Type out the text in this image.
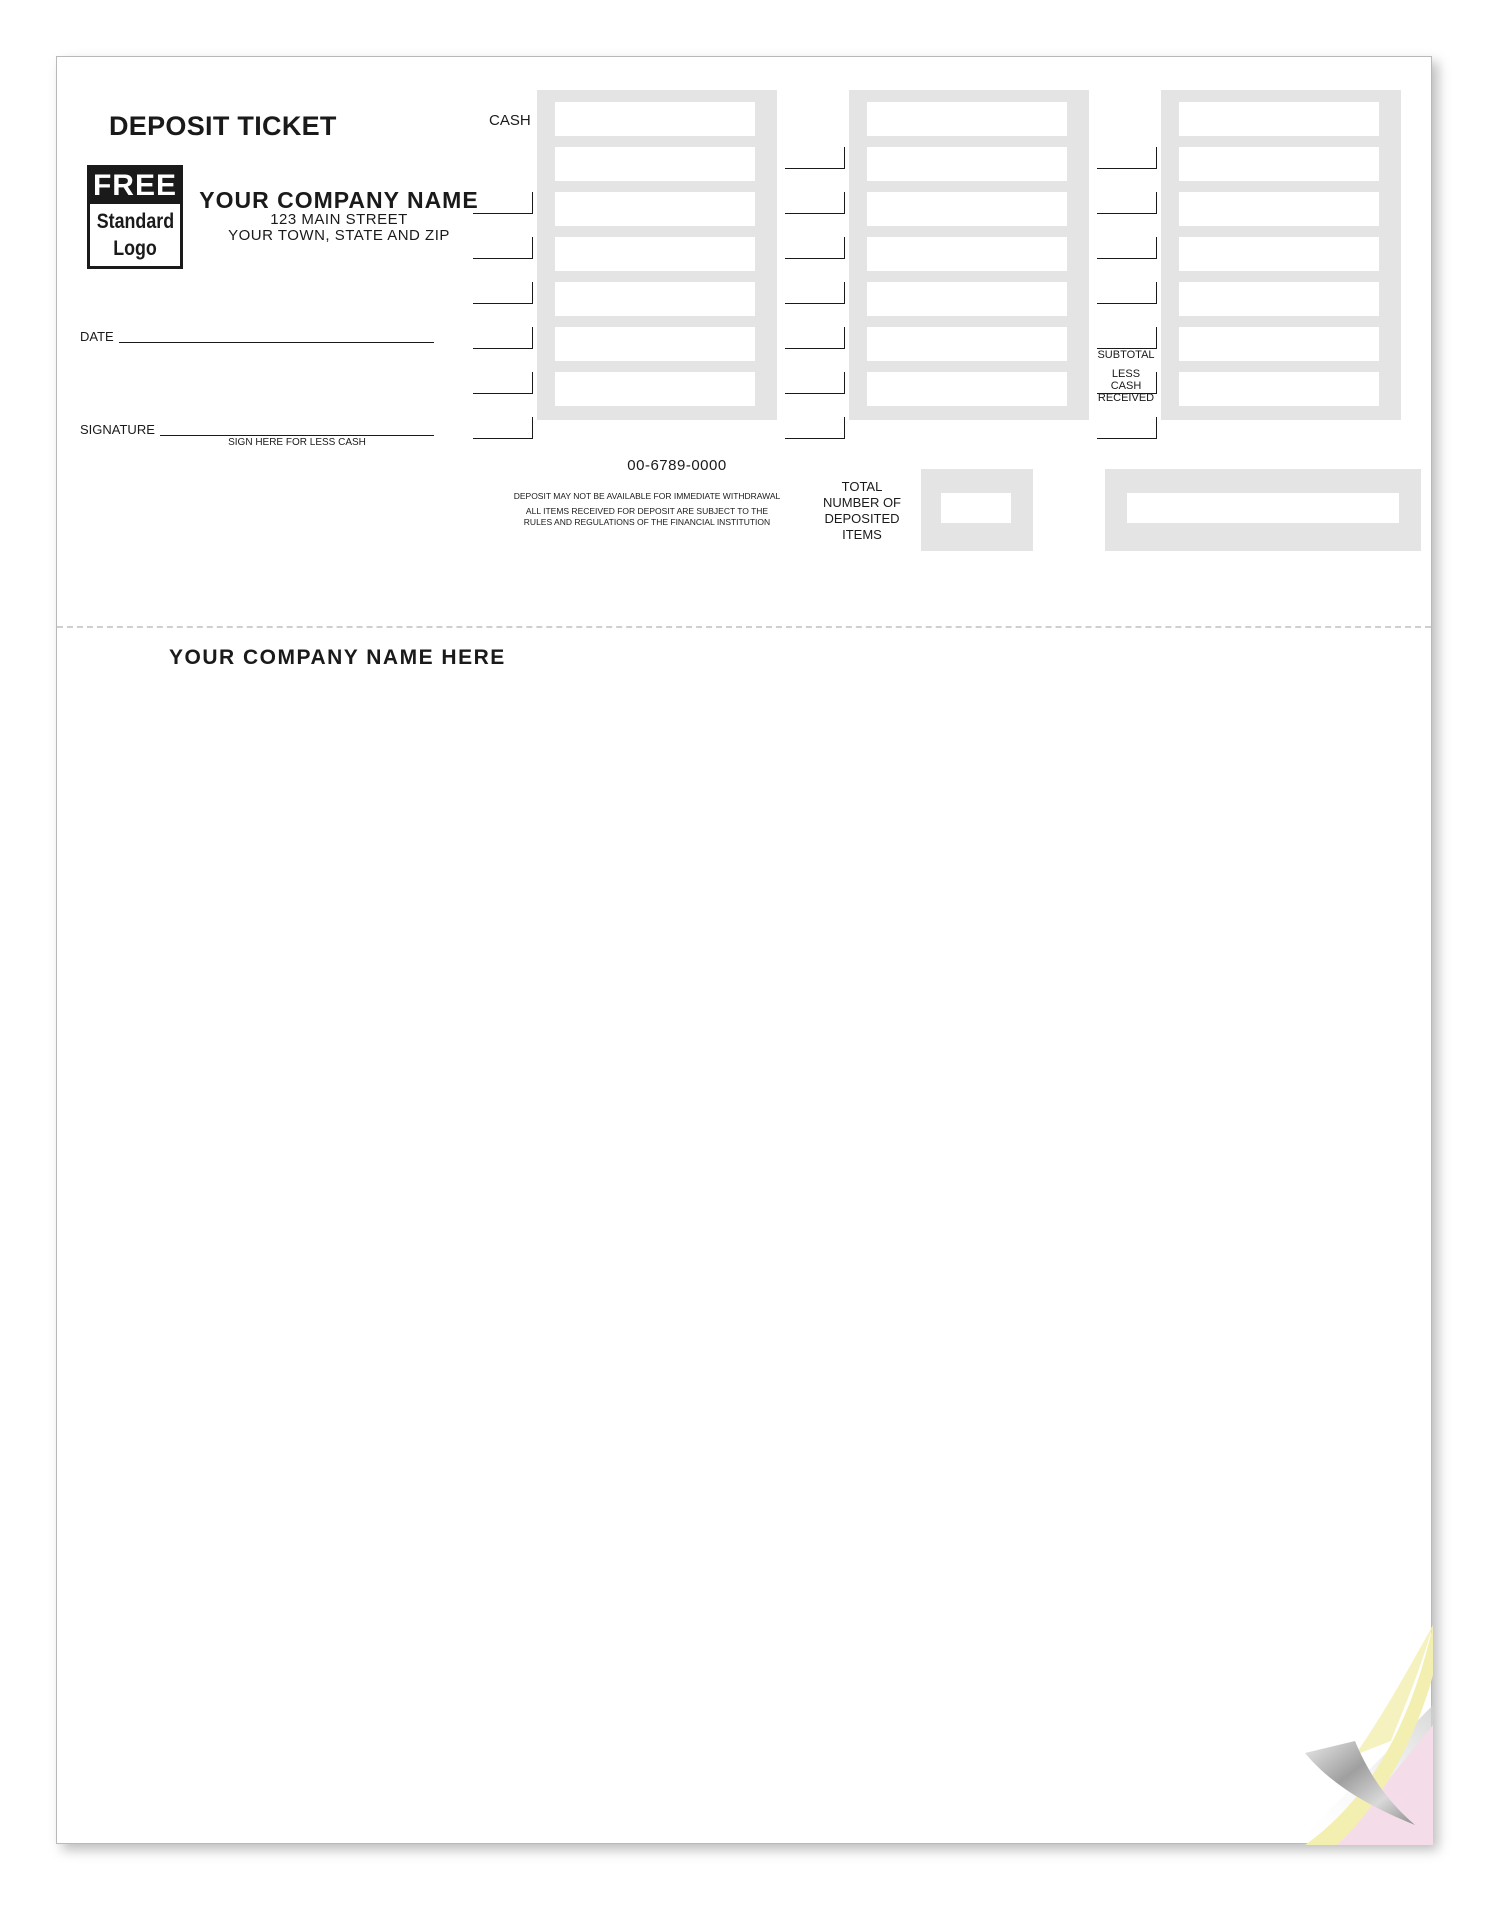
DEPOSIT TICKET
FREE
Standard
Logo
YOUR COMPANY NAME
123 MAIN STREET
YOUR TOWN, STATE AND ZIP
DATE
SIGNATURE
SIGN HERE FOR LESS CASH
CASH
SUBTOTAL
LESS
CASH
RECEIVED
00-6789-0000
DEPOSIT MAY NOT BE AVAILABLE FOR IMMEDIATE WITHDRAWAL
ALL ITEMS RECEIVED FOR DEPOSIT ARE SUBJECT TO THE
RULES AND REGULATIONS OF THE FINANCIAL INSTITUTION
TOTAL
NUMBER OF
DEPOSITED
ITEMS
YOUR COMPANY NAME HERE
